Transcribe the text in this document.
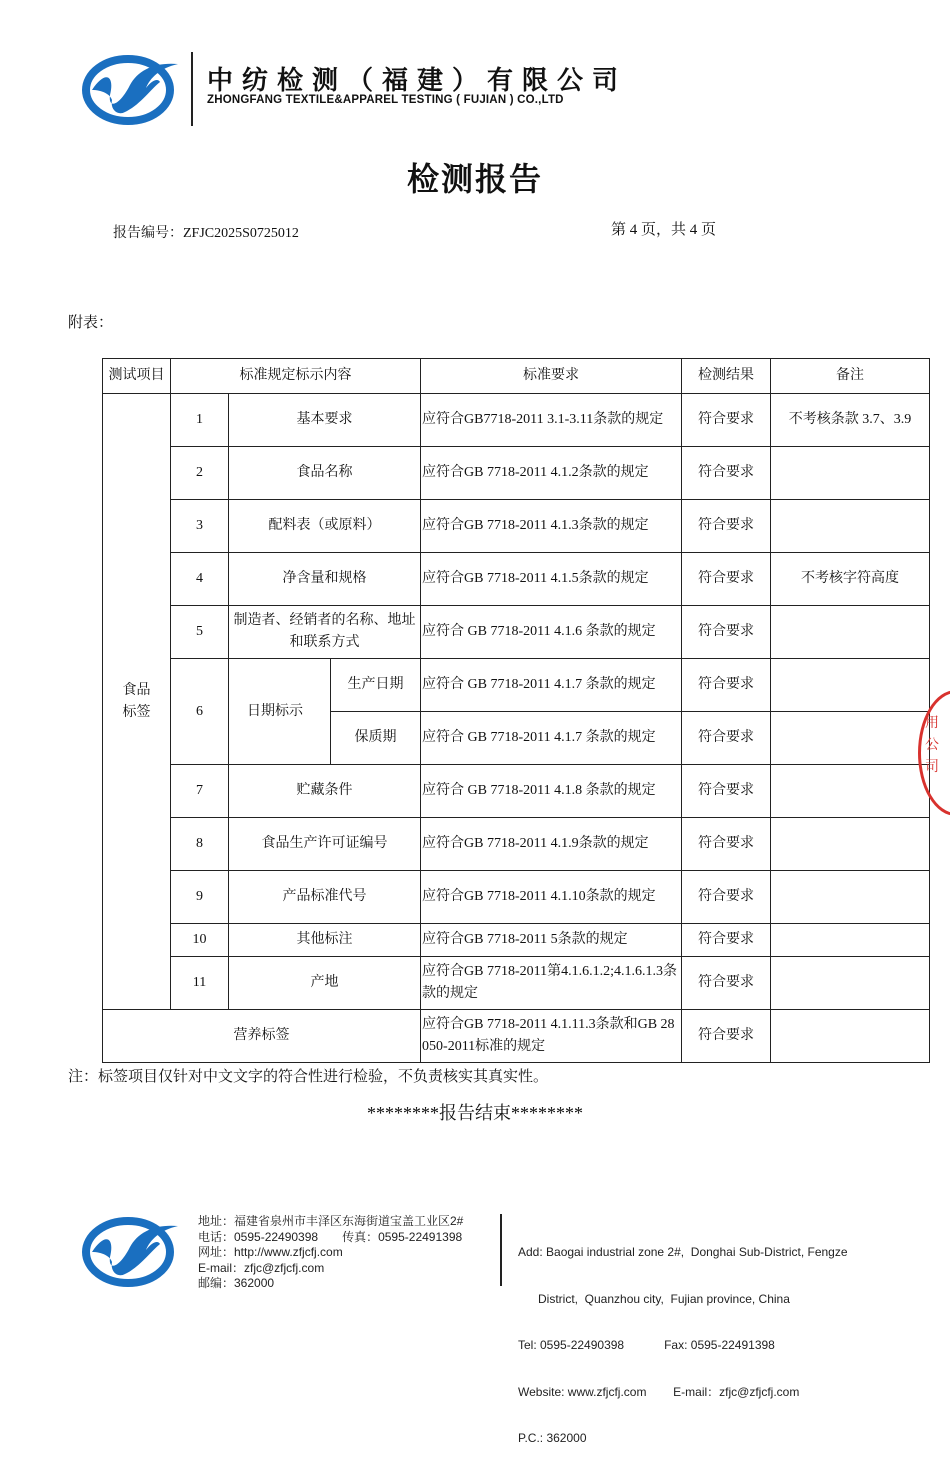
中纺检测（福建）有限公司
ZHONGFANG TEXTILE&APPAREL TESTING ( FUJIAN ) CO.,LTD
检测报告
报告编号：ZFJC2025S0725012	第 4 页，共 4 页
附表：
测试项目	标准规定标示内容			标准要求	检测结果	备注
食品标签	1	基本要求		应符合GB7718-2011 3.1-3.11条款的规定	符合要求	不考核条款 3.7、3.9
	2	食品名称		应符合GB 7718-2011 4.1.2条款的规定	符合要求	
	3	配料表（或原料）		应符合GB 7718-2011 4.1.3条款的规定	符合要求	
	4	净含量和规格		应符合GB 7718-2011 4.1.5条款的规定	符合要求	不考核字符高度
	5	制造者、经销者的名称、地址和联系方式		应符合 GB 7718-2011 4.1.6 条款的规定	符合要求	
	6	日期标示	生产日期	应符合 GB 7718-2011 4.1.7 条款的规定	符合要求	
			保质期	应符合 GB 7718-2011 4.1.7 条款的规定	符合要求	
	7	贮藏条件		应符合 GB 7718-2011 4.1.8 条款的规定	符合要求	
	8	食品生产许可证编号		应符合GB 7718-2011 4.1.9条款的规定	符合要求	
	9	产品标准代号		应符合GB 7718-2011 4.1.10条款的规定	符合要求	
	10	其他标注		应符合GB 7718-2011 5条款的规定	符合要求	
	11	产地		应符合GB 7718-2011第4.1.6.1.2;4.1.6.1.3条款的规定	符合要求	
营养标签				应符合GB 7718-2011 4.1.11.3条款和GB 28050-2011标准的规定	符合要求	
注：标签项目仅针对中文文字的符合性进行检验，不负责核实其真实性。
********报告结束********
用公司
地址：福建省泉州市丰泽区东海街道宝盖工业区2#
电话：0595-22490398　　传真：0595-22491398
网址：http://www.zfjcfj.com
E-mail：zfjc@zfjcfj.com
邮编：362000

Add: Baogai industrial zone 2#,  Donghai Sub-District, Fengze

District,  Quanzhou city,  Fujian province, China

Tel: 0595-22490398            Fax: 0595-22491398

Website: www.zfjcfj.com        E-mail：zfjc@zfjcfj.com

P.C.: 362000
